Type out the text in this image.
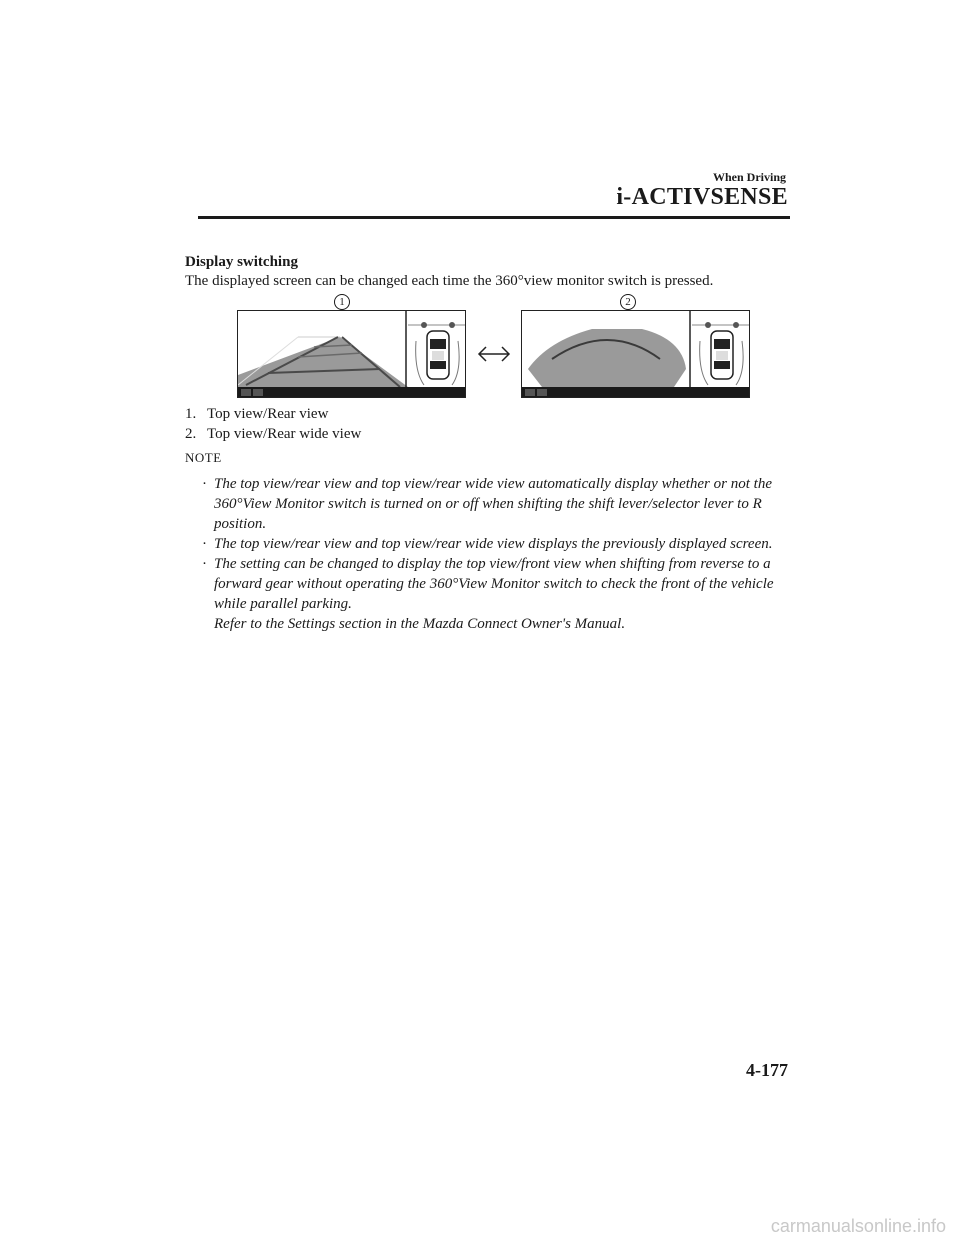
When Driving
i-ACTIVSENSE
Display switching
The displayed screen can be changed each time the 360°view monitor switch is pressed.
1	2
1. Top view/Rear view
2. Top view/Rear wide view
NOTE
· The top view/rear view and top view/rear wide view automatically display whether or not the 360°View Monitor switch is turned on or off when shifting the shift lever/selector lever to R position.
· The top view/rear view and top view/rear wide view displays the previously displayed screen.
· The setting can be changed to display the top view/front view when shifting from reverse to a forward gear without operating the 360°View Monitor switch to check the front of the vehicle while parallel parking.
Refer to the Settings section in the Mazda Connect Owner's Manual.
4-177
carmanualsonline.info
